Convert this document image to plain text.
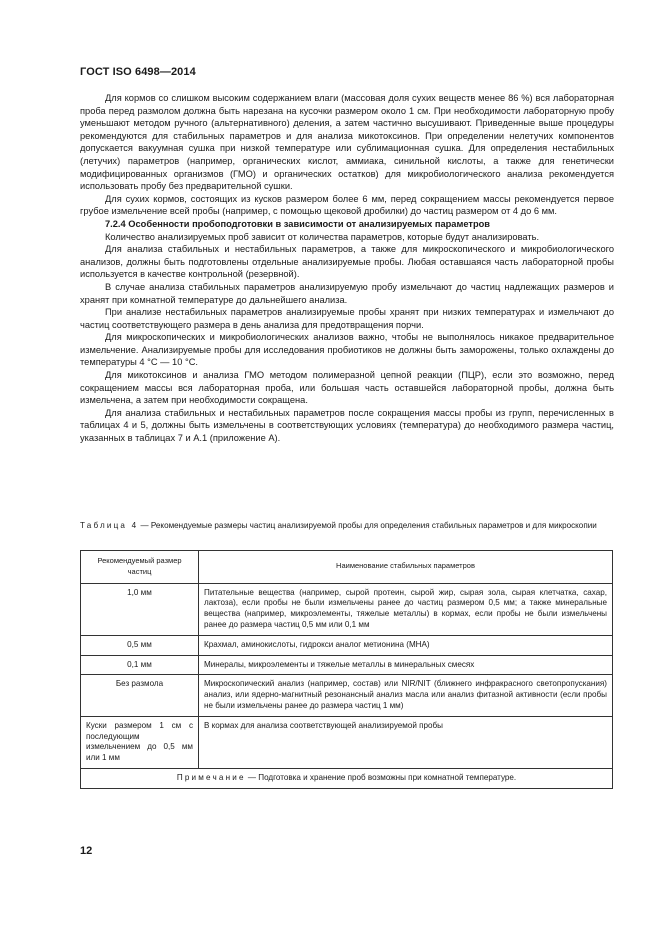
ГОСТ ISO 6498—2014

Для кормов со слишком высоким содержанием влаги (массовая доля сухих веществ менее 86 %) вся лабораторная проба перед размолом должна быть нарезана на кусочки размером около 1 см. При необходимости лабораторную пробу уменьшают методом ручного (альтернативного) деления, а затем частично высушивают. Приведенные выше процедуры рекомендуются для стабильных параметров и для анализа микотоксинов. При определении нелетучих компонентов допускается вакуумная сушка при низкой температуре или сублимационная сушка. Для определения нестабильных (летучих) параметров (например, органических кислот, аммиака, синильной кислоты, а также для генетически модифицированных организмов (ГМО) и органических остатков) для микробиологического анализа рекомендуется использовать пробу без предварительной сушки.

Для сухих кормов, состоящих из кусков размером более 6 мм, перед сокращением массы рекомендуется первое грубое измельчение всей пробы (например, с помощью щековой дробилки) до частиц размером от 4 до 6 мм.

7.2.4 Особенности пробоподготовки в зависимости от анализируемых параметров

Количество анализируемых проб зависит от количества параметров, которые будут анализировать.

Для анализа стабильных и нестабильных параметров, а также для микроскопического и микробиологического анализов, должны быть подготовлены отдельные анализируемые пробы. Любая оставшаяся часть лабораторной пробы используется в качестве контрольной (резервной).

В случае анализа стабильных параметров анализируемую пробу измельчают до частиц надлежащих размеров и хранят при комнатной температуре до дальнейшего анализа.

При анализе нестабильных параметров анализируемые пробы хранят при низких температурах и измельчают до частиц соответствующего размера в день анализа для предотвращения порчи.

Для микроскопических и микробиологических анализов важно, чтобы не выполнялось никакое предварительное измельчение. Анализируемые пробы для исследования пробиотиков не должны быть заморожены, только охлаждены до температуры 4 °С — 10 °С.

Для микотоксинов и анализа ГМО методом полимеразной цепной реакции (ПЦР), если это возможно, перед сокращением массы вся лабораторная проба, или большая часть оставшейся лабораторной пробы, должна быть измельчена, а затем при необходимости сокращена.

Для анализа стабильных и нестабильных параметров после сокращения массы пробы из групп, перечисленных в таблицах 4 и 5, должны быть измельчены в соответствующих условиях (температура) до необходимого размера частиц, указанных в таблицах 7 и А.1 (приложение А).

Таблица 4 — Рекомендуемые размеры частиц анализируемой пробы для определения стабильных параметров и для микроскопии
Рекомендуемый размер частиц	Наименование стабильных параметров
1,0 мм	Питательные вещества (например, сырой протеин, сырой жир, сырая зола, сырая клетчатка, сахар, лактоза), если пробы не были измельчены ранее до частиц размером 0,5 мм; а также минеральные вещества (например, микроэлементы, тяжелые металлы) в кормах, если пробы не были измельчены ранее до размера частиц 0,5 мм или 0,1 мм
0,5 мм	Крахмал, аминокислоты, гидрокси аналог метионина (МНА)
0,1 мм	Минералы, микроэлементы и тяжелые металлы в минеральных смесях
Без размола	Микроскопический анализ (например, состав) или NIR/NIT (ближнего инфракрасного светопропускания) анализ, или ядерно-магнитный резонансный анализ масла или анализ фитазной активности (если пробы не были измельчены ранее до размера частиц 1 мм)
Куски размером 1 см с последующим измельчением до 0,5 мм или 1 мм	В кормах для анализа соответствующей анализируемой пробы
Примечание — Подготовка и хранение проб возможны при комнатной температуре.	
12
